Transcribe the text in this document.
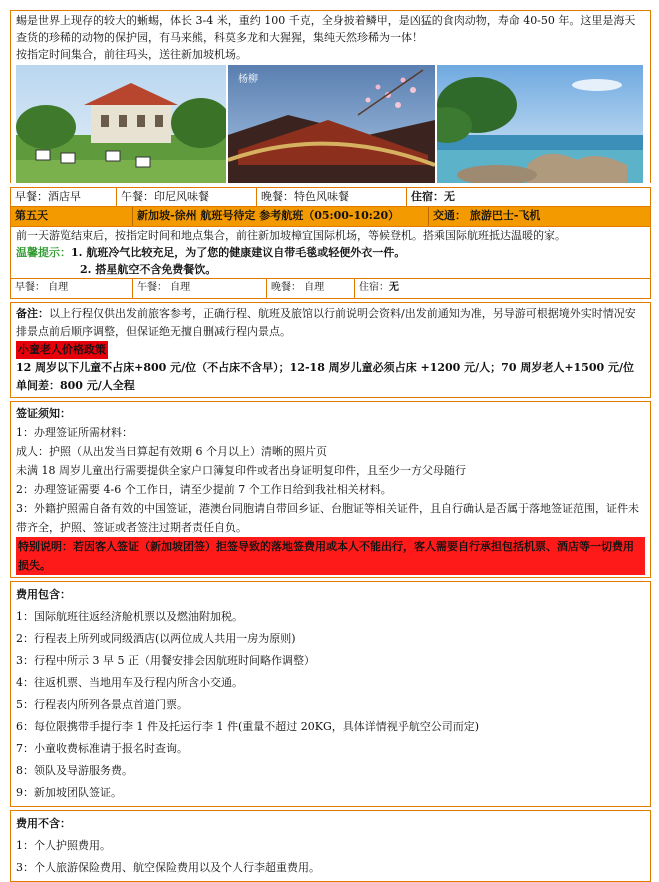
蜴是世界上现存的较大的蜥蜴，体长 3-4 米，重约 100 千克，全身披着鳞甲，是凶猛的食肉动物，寿命 40-50 年。这里是海天查货的珍稀的动物的保护园，有马来熊，科莫多龙和大猩猩，集纯天然珍稀为一体！
按指定时间集合，前往玛头，送往新加坡机场。
杨柳
早餐：酒店早	午餐：印尼风味餐	晚餐：特色风味餐	住宿：无
第五天	新加坡-徐州 航班号待定 参考航班（05:00-10:20）	交通： 旅游巴士-飞机
前一天游览结束后，按指定时间和地点集合，前往新加坡樟宜国际机场，等候登机。搭乘国际航班抵达温暖的家。
温馨提示：1. 航班冷气比较充足，为了您的健康建议自带毛毯或轻便外衣一件。
2. 搭星航空不含免费餐饮。
早餐： 自理	午餐： 自理	晚餐： 自理	住宿：无
备注：以上行程仅供出发前旅客参考，正确行程、航班及旅馆以行前说明会资料/出发前通知为准，另导游可根据境外实时情况安排景点前后顺序调整，但保证绝无擅自删减行程内景点。
小童老人价格政策
12 周岁以下儿童不占床+800 元/位（不占床不含早）；12-18 周岁儿童必须占床 +1200 元/人；70 周岁老人+1500 元/位
单间差：800 元/人全程
签证须知：
1：办理签证所需材料：
成人：护照（从出发当日算起有效期 6 个月以上）清晰的照片页
未满 18 周岁儿童出行需要提供全家户口簿复印件或者出身证明复印件，且至少一方父母随行
2：办理签证需要 4-6 个工作日，请至少提前 7 个工作日给到我社相关材料。
3：外籍护照需自备有效的中国签证，港澳台同胞请自带回乡证、台胞证等相关证件，且自行确认是否属于落地签证范围，证件未带齐全，护照、签证或者签注过期者责任自负。
特别说明：若因客人签证（新加坡团签）拒签导致的落地签费用或本人不能出行，客人需要自行承担包括机票、酒店等一切费用损失。
费用包含：
1：国际航班往返经济舱机票以及燃油附加税。
2：行程表上所列或同级酒店(以两位成人共用一房为原则)
3：行程中所示 3 早 5 正（用餐安排会因航班时间略作调整）
4：往返机票、当地用车及行程内所含小交通。
5：行程表内所列各景点首道门票。
6：每位限携带手提行李 1 件及托运行李 1 件(重量不超过 20KG，具体详情视乎航空公司而定)
7：小童收费标准请于报名时查询。
8：领队及导游服务费。
9：新加坡团队签证。
费用不含：
1：个人护照费用。
3：个人旅游保险费用、航空保险费用以及个人行李超重费用。
